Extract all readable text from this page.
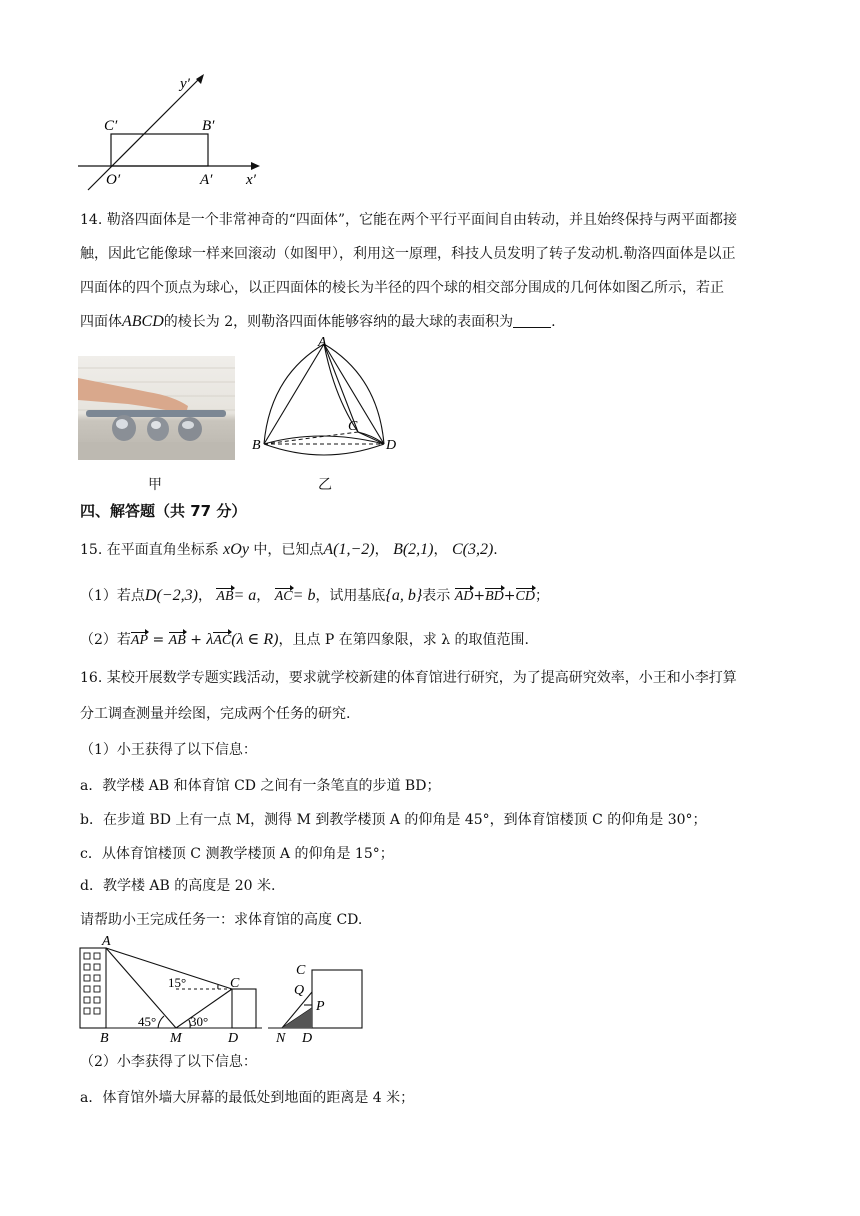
y′
C′	B′
O′	A′ x′
14. 勒洛四面体是一个非常神奇的“四面体”，它能在两个平行平面间自由转动，并且始终保持与两平面都接
触，因此它能像球一样来回滚动（如图甲），利用这一原理，科技人员发明了转子发动机.勒洛四面体是以正
四面体的四个顶点为球心，以正四面体的棱长为半径的四个球的相交部分围成的几何体如图乙所示，若正
四面体ABCD的棱长为 2，则勒洛四面体能够容纳的最大球的表面积为	.
甲
A
B
C
D
乙
四、解答题（共 77 分）
15. 在平面直角坐标系 xOy 中，已知点A(1,−2)， B(2,1)， C(3,2).
（1）若点D(−2,3)， AB= a， AC= b，试用基底{a, b}表示 AD+BD+CD；
（2）若AP = AB + λAC(λ ∈ R)，且点 P 在第四象限，求 λ 的取值范围.
16. 某校开展数学专题实践活动，要求就学校新建的体育馆进行研究，为了提高研究效率，小王和小李打算
分工调查测量并绘图，完成两个任务的研究.
（1）小王获得了以下信息：
a．教学楼 AB 和体育馆 CD 之间有一条笔直的步道 BD；
b．在步道 BD 上有一点 M，测得 M 到教学楼顶 A 的仰角是 45°，到体育馆楼顶 C 的仰角是 30°；
c．从体育馆楼顶 C 测教学楼顶 A 的仰角是 15°；
d．教学楼 AB 的高度是 20 米.
请帮助小王完成任务一：求体育馆的高度 CD.
A
B	M
C
D
15°
45°	30°
C
Q
P
N D
（2）小李获得了以下信息：
a．体育馆外墙大屏幕的最低处到地面的距离是 4 米；
